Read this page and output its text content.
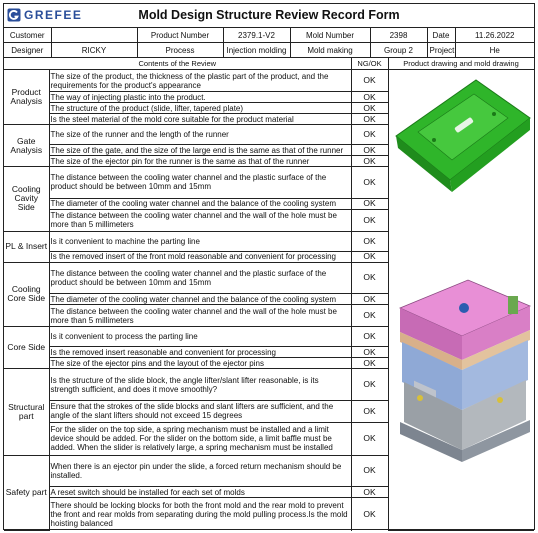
GREFEE	Mold Design Structure Review Record Form
Customer		Product Number	2379.1-V2	Mold Number	2398	Date	11.26.2022
Designer	RICKY	Process	Injection molding	Mold making	Group 2	Project	He
Contents of the Review		NG/OK	Product drawing and mold drawing
Product Analysis	The size of the product, the thickness of the plastic part of the product, and the requirements for the product's appearance	OK	

	The way of injecting plastic into the product.	OK	
	The structure of the product (slide, lifter, tapered plate)	OK	
	Is the steel material of the mold core suitable for the product material	OK	
Gate Analysis	The size of the runner and the length of the runner	OK	
	The size of the gate, and the size of the large end is the same as that of the runner	OK	
	The size of the ejector pin for the runner is the same as that of the runner	OK	
Cooling Cavity Side	The distance between the cooling water channel and the plastic surface of the product should be between 10mm and 15mm	OK	
	The diameter of the cooling water channel and the balance of the cooling system	OK	
	The distance between the cooling water channel and the wall of the hole must be more than 5 millimeters	OK	
PL & Insert	Is it convenient to machine the parting line	OK	
	Is the removed insert of the front mold reasonable and convenient for processing	OK	
Cooling Core Side	The distance between the cooling water channel and the plastic surface of the product should be between 10mm and 15mm	OK	
	The diameter of the cooling water channel and the balance of the cooling system	OK	
	The distance between the cooling water channel and the wall of the hole must be more than 5 millimeters	OK	
Core Side	Is it convenient to process the parting line	OK	
	Is the removed insert reasonable and convenient for processing	OK	
	The size of the ejector pins and the layout of the ejector pins	OK	
Structural part	Is the structure of the slide block, the angle lifter/slant lifter reasonable, is its strength sufficient, and does it move smoothly?	OK	
	Ensure that the strokes of the slide blocks and slant lifters are sufficient, and the angle of the slant lifters should not exceed 15 degrees	OK	
	For the slider on the top side, a spring mechanism must be installed and a limit device should be added. For the slider on the bottom side, a limit baffle must be added. When the slider is relatively large, a spring mechanism must be installed	OK	
Safety part	When there is an ejector pin under the slide, a forced return mechanism should be installed.	OK	
	A reset switch should be installed for each set of molds	OK	
	There should be locking blocks for both the front mold and the rear mold to prevent the front and rear molds from separating during the mold pulling process.Is the mold hoisting balanced	OK	
